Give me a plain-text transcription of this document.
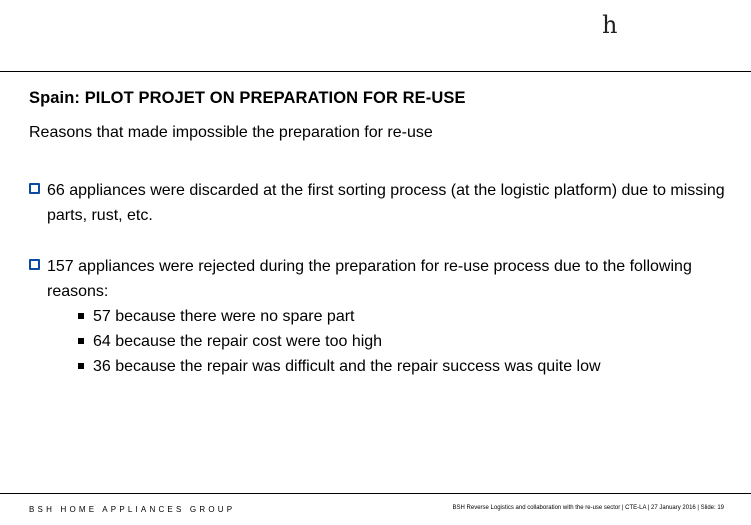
h
Spain: PILOT PROJET ON PREPARATION FOR RE-USE
Reasons that made impossible the preparation for re-use
66 appliances were discarded at the first sorting process (at the logistic platform) due to missing parts, rust, etc.
157 appliances were rejected during the preparation for re-use process due to the following reasons:
57 because there were no spare part
64 because the repair cost were too high
36 because the repair was difficult and the repair success was quite low
BSH HOME APPLIANCES GROUP	BSH Reverse Logistics and collaboration with the re-use sector | CTE-LA | 27 January 2016 | Slide: 19
